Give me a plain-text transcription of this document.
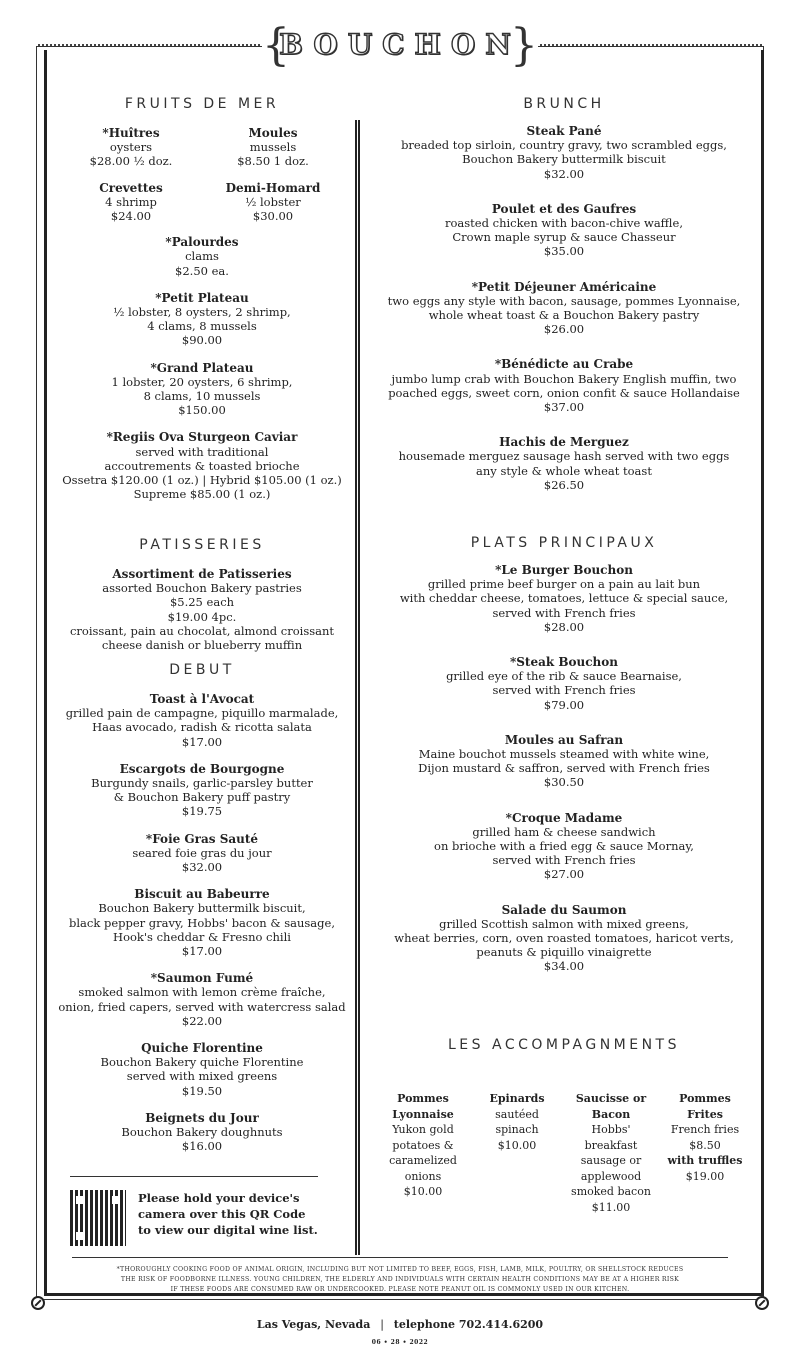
{
BOUCHON
}
FRUITS DE MER
*Huîtres
oysters
$28.00 ½ doz.
Moules
mussels
$8.50 1 doz.
Crevettes
4 shrimp
$24.00
Demi-Homard
½ lobster
$30.00
*Palourdes
clams
$2.50 ea.
*Petit Plateau
½ lobster, 8 oysters, 2 shrimp,
4 clams, 8 mussels
$90.00
*Grand Plateau
1 lobster, 20 oysters, 6 shrimp,
8 clams, 10 mussels
$150.00
*Regiis Ova Sturgeon Caviar
served with traditional
accoutrements & toasted brioche
Ossetra $120.00 (1 oz.) | Hybrid $105.00 (1 oz.)
Supreme $85.00 (1 oz.)
PATISSERIES
Assortiment de Patisseries
assorted Bouchon Bakery pastries
$5.25 each
$19.00 4pc.
croissant, pain au chocolat, almond croissant
cheese danish or blueberry muffin
DEBUT
Toast à l'Avocat
grilled pain de campagne, piquillo marmalade,
Haas avocado, radish & ricotta salata
$17.00
Escargots de Bourgogne
Burgundy snails, garlic-parsley butter
& Bouchon Bakery puff pastry
$19.75
*Foie Gras Sauté
seared foie gras du jour
$32.00
Biscuit au Babeurre
Bouchon Bakery buttermilk biscuit,
black pepper gravy, Hobbs' bacon & sausage,
Hook's cheddar & Fresno chili
$17.00
*Saumon Fumé
smoked salmon with lemon crème fraîche,
onion, fried capers, served with watercress salad
$22.00
Quiche Florentine
Bouchon Bakery quiche Florentine
served with mixed greens
$19.50
Beignets du Jour
Bouchon Bakery doughnuts
$16.00
Please hold your device's
camera over this QR Code
to view our digital wine list.
BRUNCH
Steak Pané
breaded top sirloin, country gravy, two scrambled eggs,
Bouchon Bakery buttermilk biscuit
$32.00
Poulet et des Gaufres
roasted chicken with bacon-chive waffle,
Crown maple syrup & sauce Chasseur
$35.00
*Petit Déjeuner Américaine
two eggs any style with bacon, sausage, pommes Lyonnaise,
whole wheat toast & a Bouchon Bakery pastry
$26.00
*Bénédicte au Crabe
jumbo lump crab with Bouchon Bakery English muffin, two
poached eggs, sweet corn, onion confit & sauce Hollandaise
$37.00
Hachis de Merguez
housemade merguez sausage hash served with two eggs
any style & whole wheat toast
$26.50
PLATS PRINCIPAUX
*Le Burger Bouchon
grilled prime beef burger on a pain au lait bun
with cheddar cheese, tomatoes, lettuce & special sauce,
served with French fries
$28.00
*Steak Bouchon
grilled eye of the rib & sauce Bearnaise,
served with French fries
$79.00
Moules au Safran
Maine bouchot mussels steamed with white wine,
Dijon mustard & saffron, served with French fries
$30.50
*Croque Madame
grilled ham & cheese sandwich
on brioche with a fried egg & sauce Mornay,
served with French fries
$27.00
Salade du Saumon
grilled Scottish salmon with mixed greens,
wheat berries, corn, oven roasted tomatoes, haricot verts,
peanuts & piquillo vinaigrette
$34.00
LES ACCOMPAGNMENTS
Pommes
Lyonnaise
Yukon gold
potatoes &
caramelized
onions
$10.00
Epinards
sautéed
spinach
$10.00
Saucisse or
Bacon
Hobbs'
breakfast
sausage or
applewood
smoked bacon
$11.00
Pommes
Frites
French fries
$8.50
with truffles
$19.00
*THOROUGHLY COOKING FOOD OF ANIMAL ORIGIN, INCLUDING BUT NOT LIMITED TO BEEF, EGGS, FISH, LAMB, MILK, POULTRY, OR SHELLSTOCK REDUCES
THE RISK OF FOODBORNE ILLNESS. YOUNG CHILDREN, THE ELDERLY AND INDIVIDUALS WITH CERTAIN HEALTH CONDITIONS MAY BE AT A HIGHER RISK
IF THESE FOODS ARE CONSUMED RAW OR UNDERCOOKED. PLEASE NOTE PEANUT OIL IS COMMONLY USED IN OUR KITCHEN.
Las Vegas, Nevada | telephone 702.414.6200
06 • 28 • 2022
